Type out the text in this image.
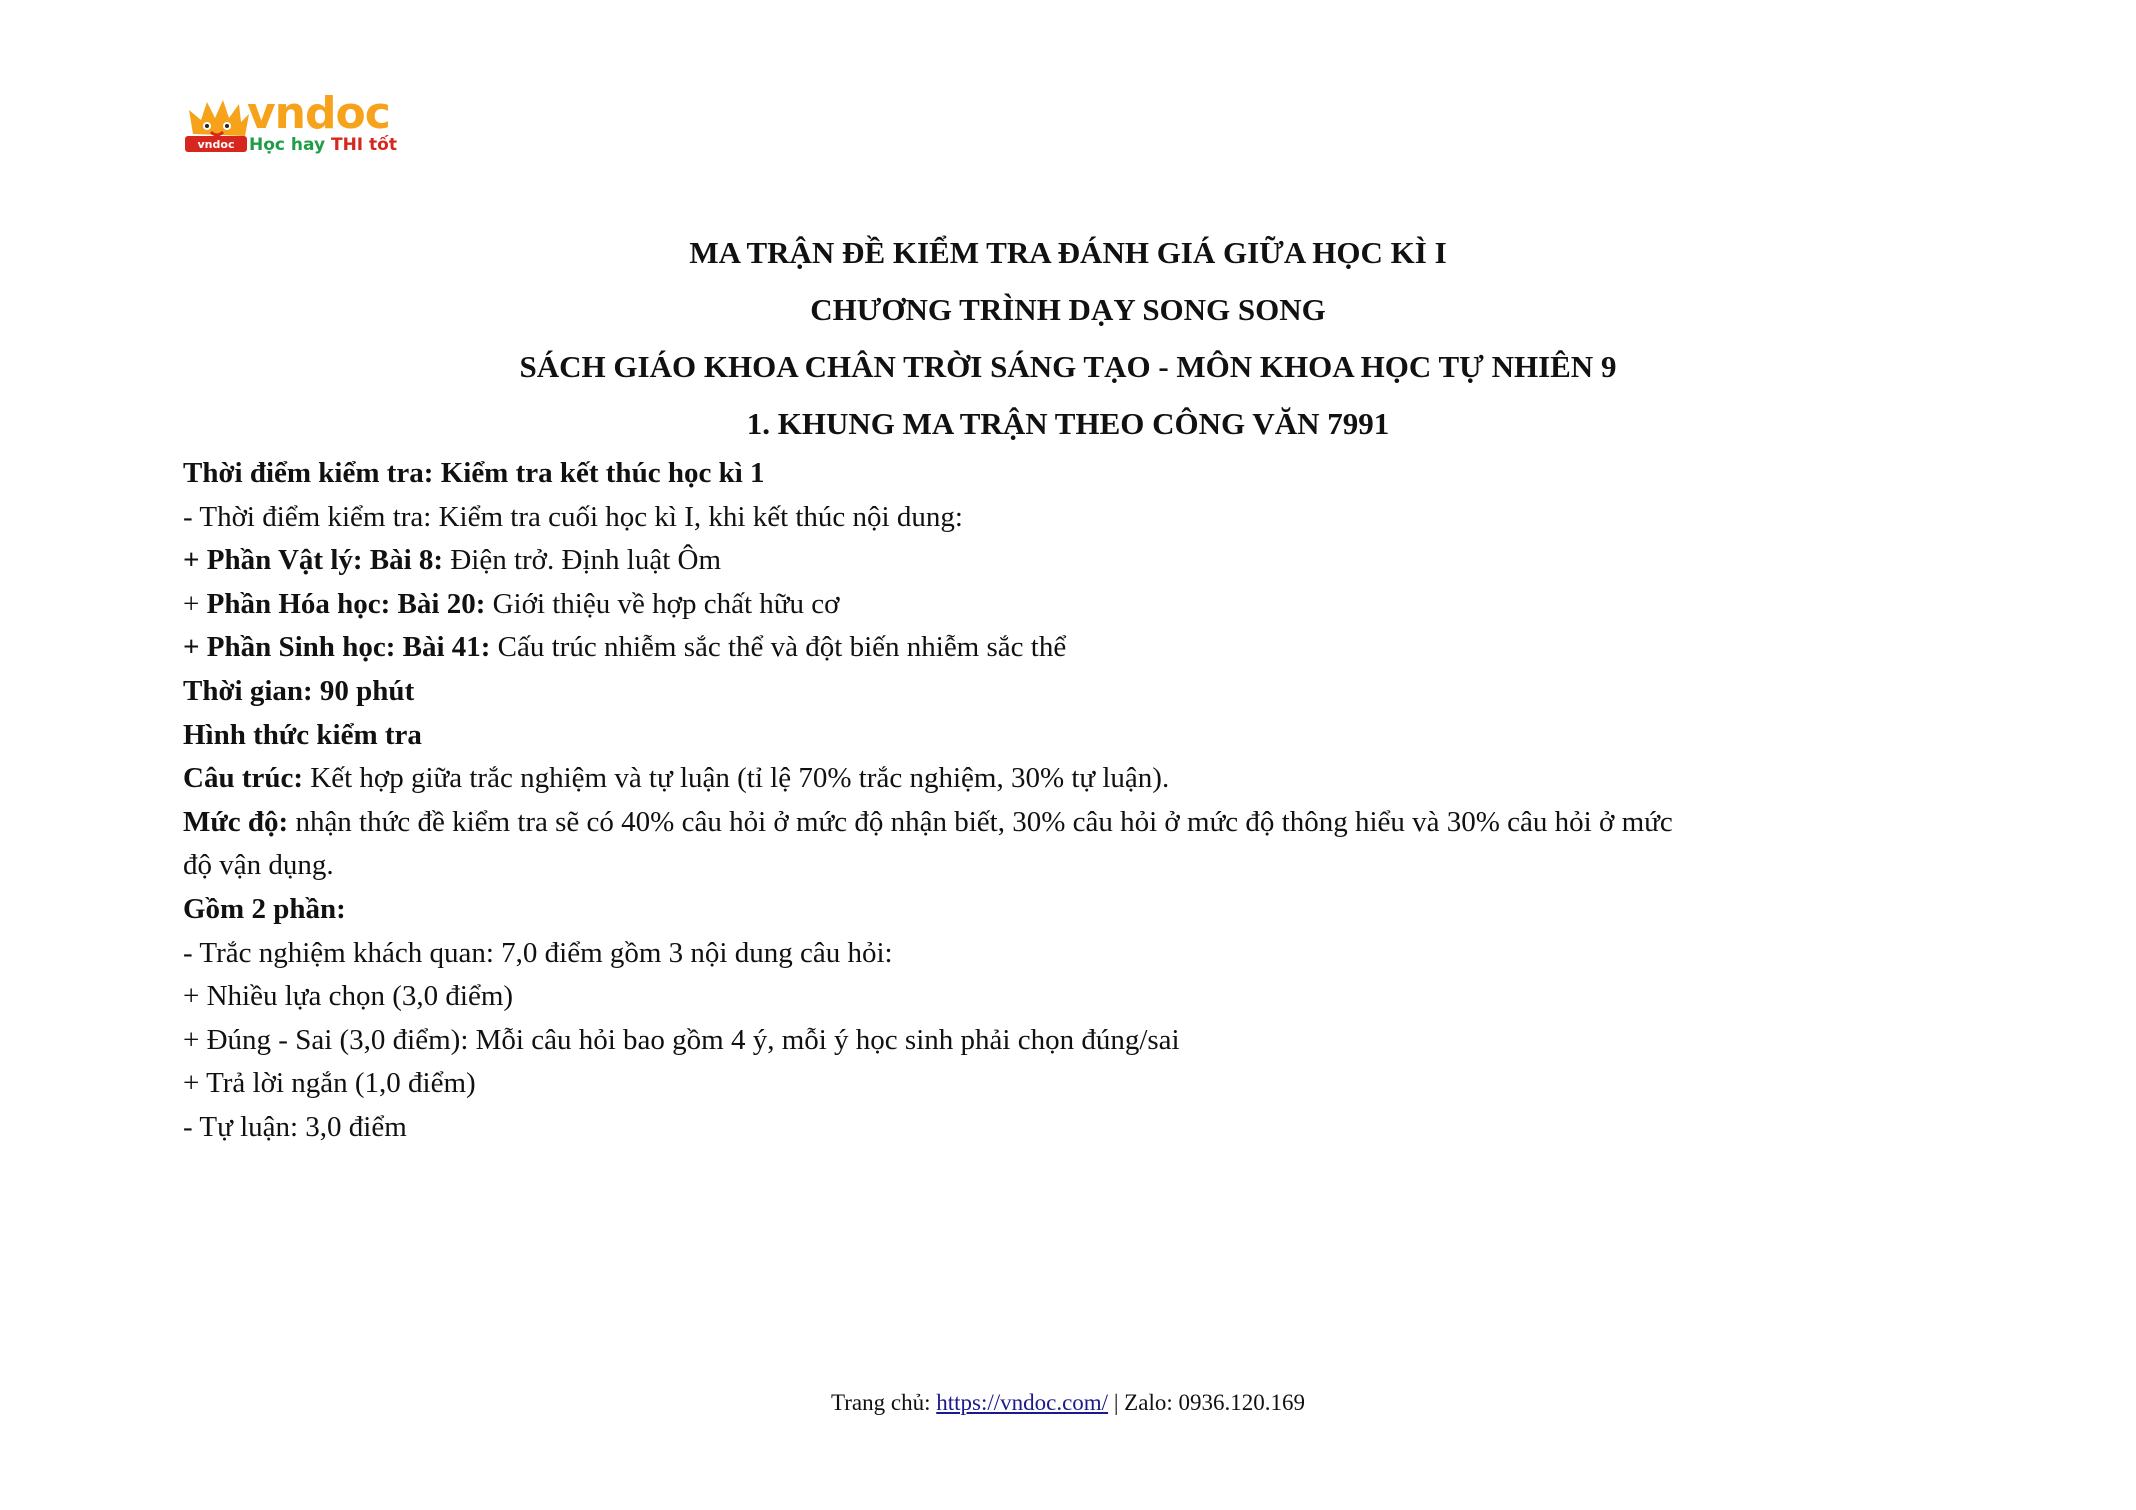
vndoc
vndoc
Học hay THI tốt
MA TRẬN ĐỀ KIỂM TRA ĐÁNH GIÁ GIỮA HỌC KÌ I
CHƯƠNG TRÌNH DẠY SONG SONG
SÁCH GIÁO KHOA CHÂN TRỜI SÁNG TẠO - MÔN KHOA HỌC TỰ NHIÊN 9
1. KHUNG MA TRẬN THEO CÔNG VĂN 7991
Thời điểm kiểm tra: Kiểm tra kết thúc học kì 1
- Thời điểm kiểm tra: Kiểm tra cuối học kì I, khi kết thúc nội dung:
+ Phần Vật lý: Bài 8: Điện trở. Định luật Ôm
+ Phần Hóa học: Bài 20: Giới thiệu về hợp chất hữu cơ
+ Phần Sinh học: Bài 41: Cấu trúc nhiễm sắc thể và đột biến nhiễm sắc thể
Thời gian: 90 phút
Hình thức kiểm tra
Câu trúc: Kết hợp giữa trắc nghiệm và tự luận (tỉ lệ 70% trắc nghiệm, 30% tự luận).
Mức độ: nhận thức đề kiểm tra sẽ có 40% câu hỏi ở mức độ nhận biết, 30% câu hỏi ở mức độ thông hiểu và 30% câu hỏi ở mức
độ vận dụng.
Gồm 2 phần:
- Trắc nghiệm khách quan: 7,0 điểm gồm 3 nội dung câu hỏi:
+ Nhiều lựa chọn (3,0 điểm)
+ Đúng - Sai (3,0 điểm): Mỗi câu hỏi bao gồm 4 ý, mỗi ý học sinh phải chọn đúng/sai
+ Trả lời ngắn (1,0 điểm)
- Tự luận: 3,0 điểm
Trang chủ: https://vndoc.com/ | Zalo: 0936.120.169
